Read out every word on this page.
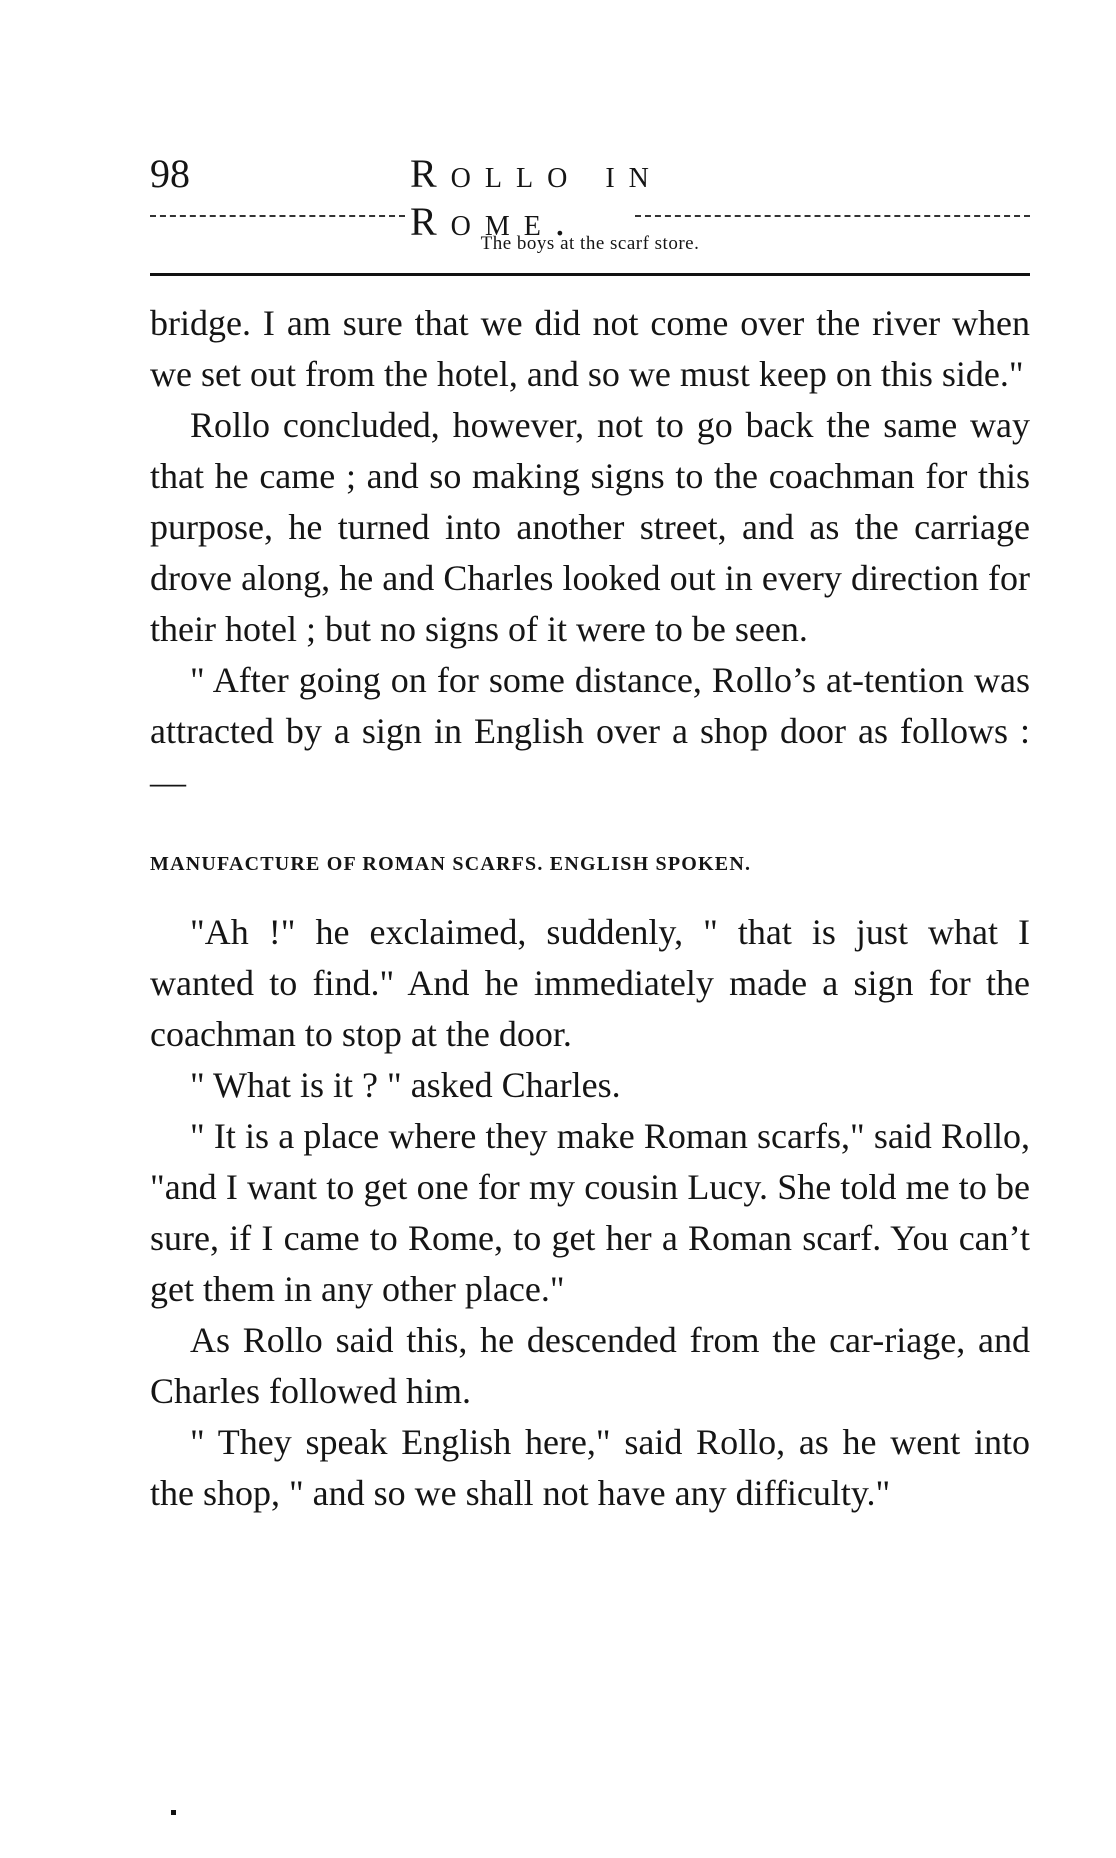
98	Rollo in Rome.
The boys at the scarf store.

bridge. I am sure that we did not come over the river when we set out from the hotel, and so we must keep on this side."

Rollo concluded, however, not to go back the same way that he came ; and so making signs to the coachman for this purpose, he turned into another street, and as the carriage drove along, he and Charles looked out in every direction for their hotel ; but no signs of it were to be seen.

" After going on for some distance, Rollo’s at-tention was attracted by a sign in English over a shop door as follows : —

MANUFACTURE OF ROMAN SCARFS. ENGLISH SPOKEN.

"Ah !" he exclaimed, suddenly, " that is just what I wanted to find." And he immediately made a sign for the coachman to stop at the door.

" What is it ? " asked Charles.

" It is a place where they make Roman scarfs," said Rollo, "and I want to get one for my cousin Lucy. She told me to be sure, if I came to Rome, to get her a Roman scarf. You can’t get them in any other place."

As Rollo said this, he descended from the car-riage, and Charles followed him.

" They speak English here," said Rollo, as he went into the shop, " and so we shall not have any difficulty."
